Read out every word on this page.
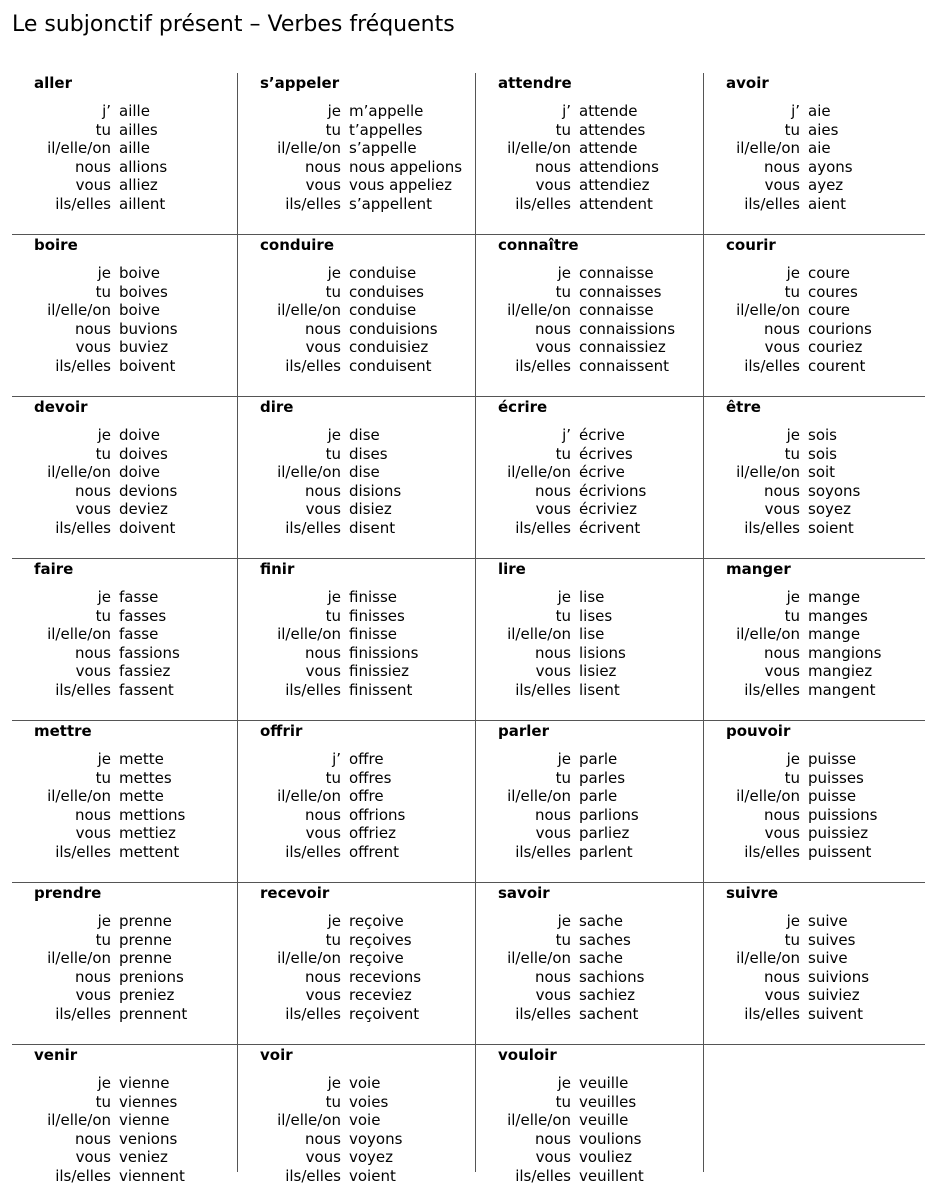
Le subjonctif présent – Verbes fréquents
aller
j’ aille
tu ailles
il/elle/on aille
nous allions
vous alliez
ils/elles aillent
s’appeler
je m’appelle
tu t’appelles
il/elle/on s’appelle
nous nous appelions
vous vous appeliez
ils/elles s’appellent
attendre
j’ attende
tu attendes
il/elle/on attende
nous attendions
vous attendiez
ils/elles attendent
avoir
j’ aie
tu aies
il/elle/on aie
nous ayons
vous ayez
ils/elles aient
boire
je boive
tu boives
il/elle/on boive
nous buvions
vous buviez
ils/elles boivent
conduire
je conduise
tu conduises
il/elle/on conduise
nous conduisions
vous conduisiez
ils/elles conduisent
connaître
je connaisse
tu connaisses
il/elle/on connaisse
nous connaissions
vous connaissiez
ils/elles connaissent
courir
je coure
tu coures
il/elle/on coure
nous courions
vous couriez
ils/elles courent
devoir
je doive
tu doives
il/elle/on doive
nous devions
vous deviez
ils/elles doivent
dire
je dise
tu dises
il/elle/on dise
nous disions
vous disiez
ils/elles disent
écrire
j’ écrive
tu écrives
il/elle/on écrive
nous écrivions
vous écriviez
ils/elles écrivent
être
je sois
tu sois
il/elle/on soit
nous soyons
vous soyez
ils/elles soient
faire
je fasse
tu fasses
il/elle/on fasse
nous fassions
vous fassiez
ils/elles fassent
finir
je finisse
tu finisses
il/elle/on finisse
nous finissions
vous finissiez
ils/elles finissent
lire
je lise
tu lises
il/elle/on lise
nous lisions
vous lisiez
ils/elles lisent
manger
je mange
tu manges
il/elle/on mange
nous mangions
vous mangiez
ils/elles mangent
mettre
je mette
tu mettes
il/elle/on mette
nous mettions
vous mettiez
ils/elles mettent
offrir
j’ offre
tu offres
il/elle/on offre
nous offrions
vous offriez
ils/elles offrent
parler
je parle
tu parles
il/elle/on parle
nous parlions
vous parliez
ils/elles parlent
pouvoir
je puisse
tu puisses
il/elle/on puisse
nous puissions
vous puissiez
ils/elles puissent
prendre
je prenne
tu prenne
il/elle/on prenne
nous prenions
vous preniez
ils/elles prennent
recevoir
je reçoive
tu reçoives
il/elle/on reçoive
nous recevions
vous receviez
ils/elles reçoivent
savoir
je sache
tu saches
il/elle/on sache
nous sachions
vous sachiez
ils/elles sachent
suivre
je suive
tu suives
il/elle/on suive
nous suivions
vous suiviez
ils/elles suivent
venir
je vienne
tu viennes
il/elle/on vienne
nous venions
vous veniez
ils/elles viennent
voir
je voie
tu voies
il/elle/on voie
nous voyons
vous voyez
ils/elles voient
vouloir
je veuille
tu veuilles
il/elle/on veuille
nous voulions
vous vouliez
ils/elles veuillent
